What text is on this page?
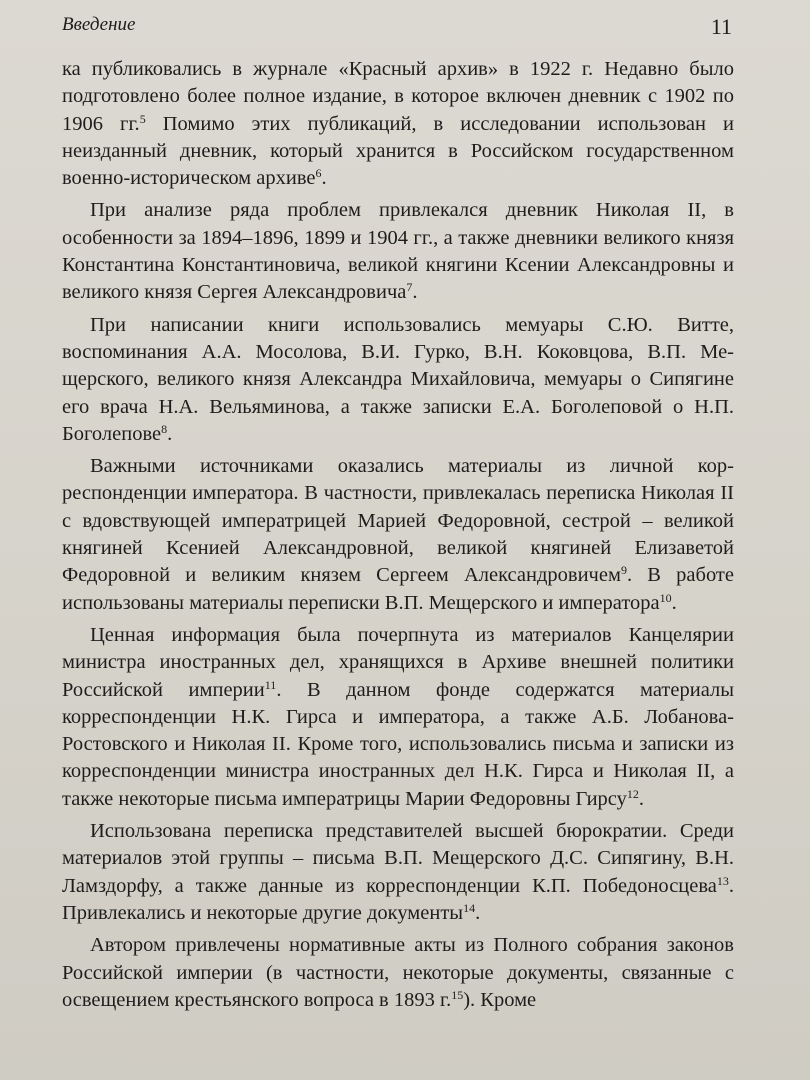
Введение	11

ка публиковались в журнале «Красный архив» в 1922 г. Недавно было подготовлено более полное издание, в которое включен дневник с 1902 по 1906 гг.$^5$ Помимо этих публикаций, в исследовании использован и неизданный дневник, который хранится в Российском государственном военно-историческом архиве$^6$.

При анализе ряда проблем привлекался дневник Николая II, в особенности за 1894–1896, 1899 и 1904 гг., а также дневники великого князя Константина Константиновича, великой княгини Ксении Александровны и великого князя Сергея Александровича$^7$.

При написании книги использовались мемуары С.Ю. Витте, воспоминания А.А. Мосолова, В.И. Гурко, В.Н. Коковцова, В.П. Мещерского, великого князя Александра Михайловича, мемуары о Сипягине его врача Н.А. Вельяминова, а также записки Е.А. Боголеповой о Н.П. Боголепове$^8$.

Важными источниками оказались материалы из личной корреспонденции императора. В частности, привлекалась переписка Николая II с вдовствующей императрицей Марией Федоровной, сестрой – великой княгиней Ксенией Александровной, великой княгиней Елизаветой Федоровной и великим князем Сергеем Александровичем$^9$. В работе использованы материалы переписки В.П. Мещерского и императора$^{10}$.

Ценная информация была почерпнута из материалов Канцелярии министра иностранных дел, хранящихся в Архиве внешней политики Российской империи$^{11}$. В данном фонде содержатся материалы корреспонденции Н.К. Гирса и императора, а также А.Б. Лобанова-Ростовского и Николая II. Кроме того, использовались письма и записки из корреспонденции министра иностранных дел Н.К. Гирса и Николая II, а также некоторые письма императрицы Марии Федоровны Гирсу$^{12}$.

Использована переписка представителей высшей бюрократии. Среди материалов этой группы – письма В.П. Мещерского Д.С. Сипягину, В.Н. Ламздорфу, а также данные из корреспонденции К.П. Победоносцева$^{13}$. Привлекались и некоторые другие документы$^{14}$.

Автором привлечены нормативные акты из Полного собрания законов Российской империи (в частности, некоторые документы, связанные с освещением крестьянского вопроса в 1893 г.$^{15}$). Кроме
